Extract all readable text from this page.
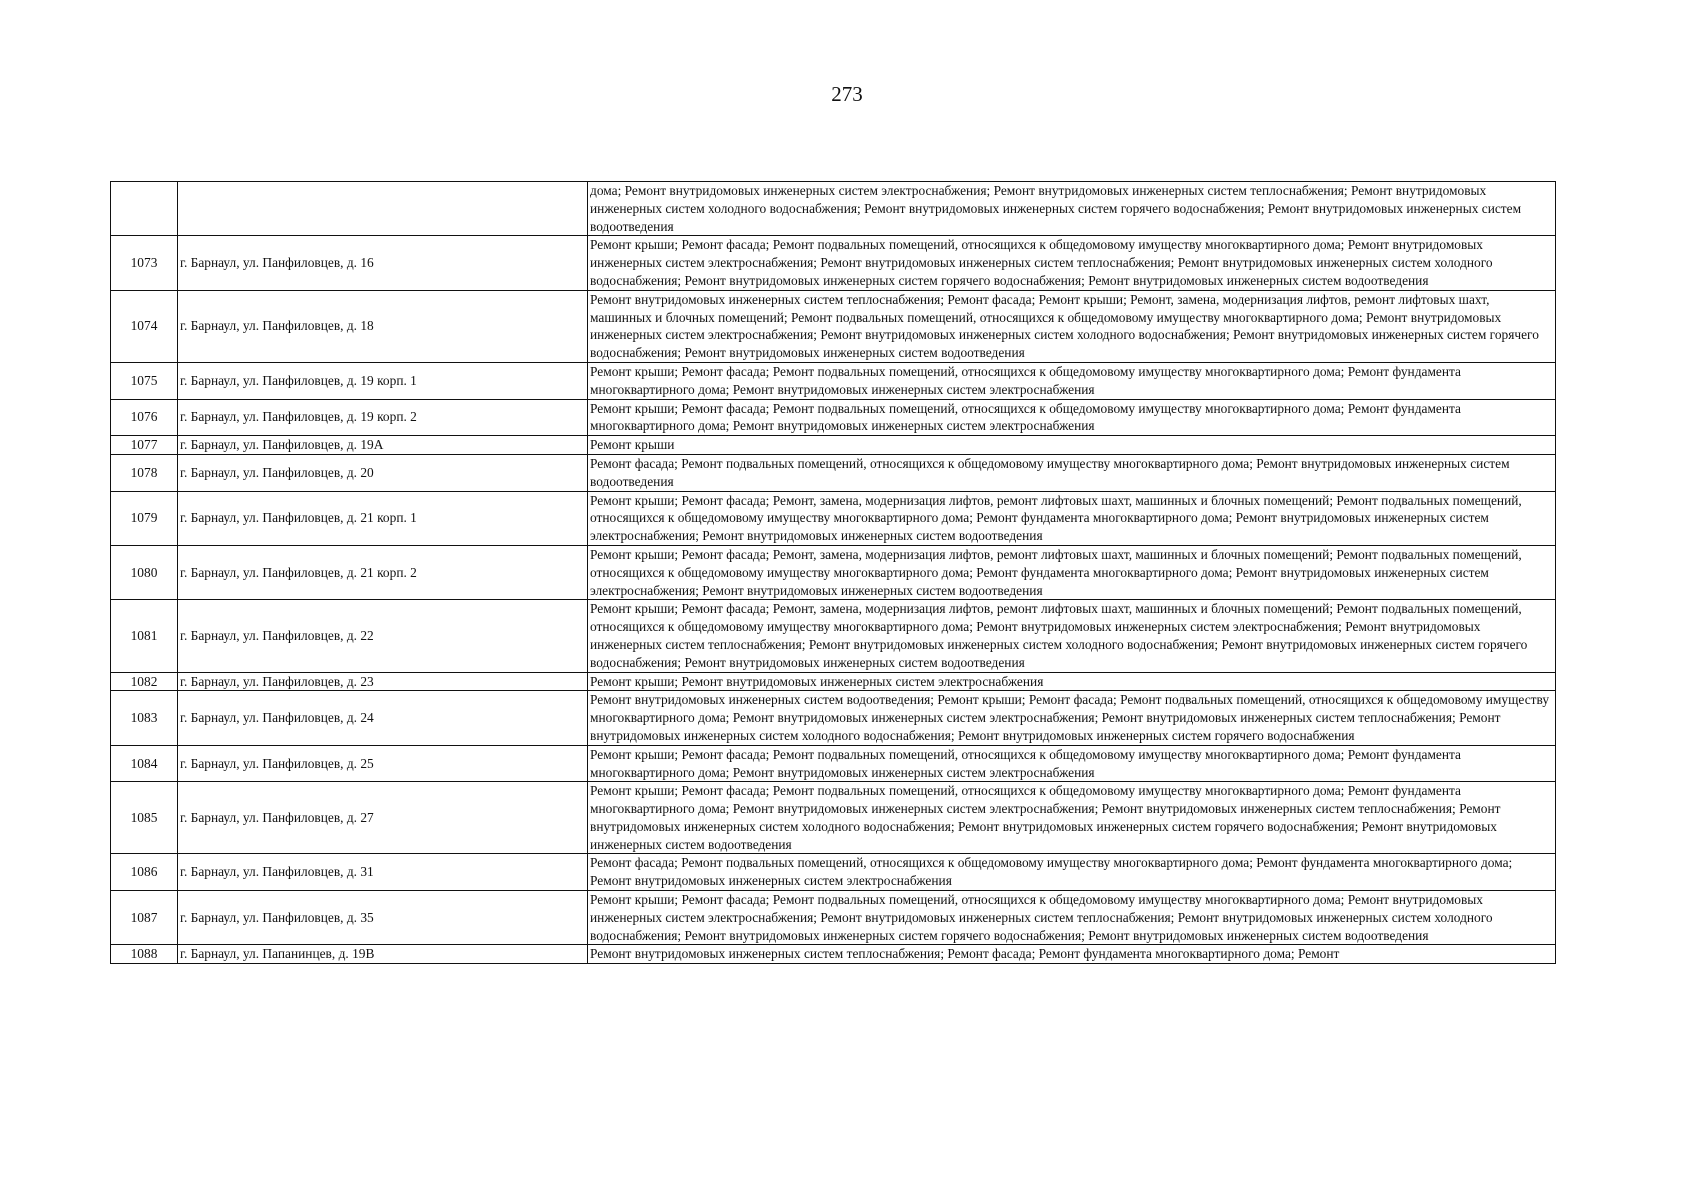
273
		дома; Ремонт внутридомовых инженерных систем электроснабжения; Ремонт внутридомовых инженерных систем теплоснабжения; Ремонт внутридомовых инженерных систем холодного водоснабжения; Ремонт внутридомовых инженерных систем горячего водоснабжения; Ремонт внутридомовых инженерных систем водоотведения
1073	г. Барнаул, ул. Панфиловцев, д. 16	Ремонт крыши; Ремонт фасада; Ремонт подвальных помещений, относящихся к общедомовому имуществу многоквартирного дома; Ремонт внутридомовых инженерных систем электроснабжения; Ремонт внутридомовых инженерных систем теплоснабжения; Ремонт внутридомовых инженерных систем холодного водоснабжения; Ремонт внутридомовых инженерных систем горячего водоснабжения; Ремонт внутридомовых инженерных систем водоотведения
1074	г. Барнаул, ул. Панфиловцев, д. 18	Ремонт внутридомовых инженерных систем теплоснабжения; Ремонт фасада; Ремонт крыши; Ремонт, замена, модернизация лифтов, ремонт лифтовых шахт, машинных и блочных помещений; Ремонт подвальных помещений, относящихся к общедомовому имуществу многоквартирного дома; Ремонт внутридомовых инженерных систем электроснабжения; Ремонт внутридомовых инженерных систем холодного водоснабжения; Ремонт внутридомовых инженерных систем горячего водоснабжения; Ремонт внутридомовых инженерных систем водоотведения
1075	г. Барнаул, ул. Панфиловцев, д. 19 корп. 1	Ремонт крыши; Ремонт фасада; Ремонт подвальных помещений, относящихся к общедомовому имуществу многоквартирного дома; Ремонт фундамента многоквартирного дома; Ремонт внутридомовых инженерных систем электроснабжения
1076	г. Барнаул, ул. Панфиловцев, д. 19 корп. 2	Ремонт крыши; Ремонт фасада; Ремонт подвальных помещений, относящихся к общедомовому имуществу многоквартирного дома; Ремонт фундамента многоквартирного дома; Ремонт внутридомовых инженерных систем электроснабжения
1077	г. Барнаул, ул. Панфиловцев, д. 19А	Ремонт крыши
1078	г. Барнаул, ул. Панфиловцев, д. 20	Ремонт фасада; Ремонт подвальных помещений, относящихся к общедомовому имуществу многоквартирного дома; Ремонт внутридомовых инженерных систем водоотведения
1079	г. Барнаул, ул. Панфиловцев, д. 21 корп. 1	Ремонт крыши; Ремонт фасада; Ремонт, замена, модернизация лифтов, ремонт лифтовых шахт, машинных и блочных помещений; Ремонт подвальных помещений, относящихся к общедомовому имуществу многоквартирного дома; Ремонт фундамента многоквартирного дома; Ремонт внутридомовых инженерных систем электроснабжения; Ремонт внутридомовых инженерных систем водоотведения
1080	г. Барнаул, ул. Панфиловцев, д. 21 корп. 2	Ремонт крыши; Ремонт фасада; Ремонт, замена, модернизация лифтов, ремонт лифтовых шахт, машинных и блочных помещений; Ремонт подвальных помещений, относящихся к общедомовому имуществу многоквартирного дома; Ремонт фундамента многоквартирного дома; Ремонт внутридомовых инженерных систем электроснабжения; Ремонт внутридомовых инженерных систем водоотведения
1081	г. Барнаул, ул. Панфиловцев, д. 22	Ремонт крыши; Ремонт фасада; Ремонт, замена, модернизация лифтов, ремонт лифтовых шахт, машинных и блочных помещений; Ремонт подвальных помещений, относящихся к общедомовому имуществу многоквартирного дома; Ремонт внутридомовых инженерных систем электроснабжения; Ремонт внутридомовых инженерных систем теплоснабжения; Ремонт внутридомовых инженерных систем холодного водоснабжения; Ремонт внутридомовых инженерных систем горячего водоснабжения; Ремонт внутридомовых инженерных систем водоотведения
1082	г. Барнаул, ул. Панфиловцев, д. 23	Ремонт крыши; Ремонт внутридомовых инженерных систем электроснабжения
1083	г. Барнаул, ул. Панфиловцев, д. 24	Ремонт внутридомовых инженерных систем водоотведения; Ремонт крыши; Ремонт фасада; Ремонт подвальных помещений, относящихся к общедомовому имуществу многоквартирного дома; Ремонт внутридомовых инженерных систем электроснабжения; Ремонт внутридомовых инженерных систем теплоснабжения; Ремонт внутридомовых инженерных систем холодного водоснабжения; Ремонт внутридомовых инженерных систем горячего водоснабжения
1084	г. Барнаул, ул. Панфиловцев, д. 25	Ремонт крыши; Ремонт фасада; Ремонт подвальных помещений, относящихся к общедомовому имуществу многоквартирного дома; Ремонт фундамента многоквартирного дома; Ремонт внутридомовых инженерных систем электроснабжения
1085	г. Барнаул, ул. Панфиловцев, д. 27	Ремонт крыши; Ремонт фасада; Ремонт подвальных помещений, относящихся к общедомовому имуществу многоквартирного дома; Ремонт фундамента многоквартирного дома; Ремонт внутридомовых инженерных систем электроснабжения; Ремонт внутридомовых инженерных систем теплоснабжения; Ремонт внутридомовых инженерных систем холодного водоснабжения; Ремонт внутридомовых инженерных систем горячего водоснабжения; Ремонт внутридомовых инженерных систем водоотведения
1086	г. Барнаул, ул. Панфиловцев, д. 31	Ремонт фасада; Ремонт подвальных помещений, относящихся к общедомовому имуществу многоквартирного дома; Ремонт фундамента многоквартирного дома; Ремонт внутридомовых инженерных систем электроснабжения
1087	г. Барнаул, ул. Панфиловцев, д. 35	Ремонт крыши; Ремонт фасада; Ремонт подвальных помещений, относящихся к общедомовому имуществу многоквартирного дома; Ремонт внутридомовых инженерных систем электроснабжения; Ремонт внутридомовых инженерных систем теплоснабжения; Ремонт внутридомовых инженерных систем холодного водоснабжения; Ремонт внутридомовых инженерных систем горячего водоснабжения; Ремонт внутридомовых инженерных систем водоотведения
1088	г. Барнаул, ул. Папанинцев, д. 19В	Ремонт внутридомовых инженерных систем теплоснабжения; Ремонт фасада; Ремонт фундамента многоквартирного дома; Ремонт
